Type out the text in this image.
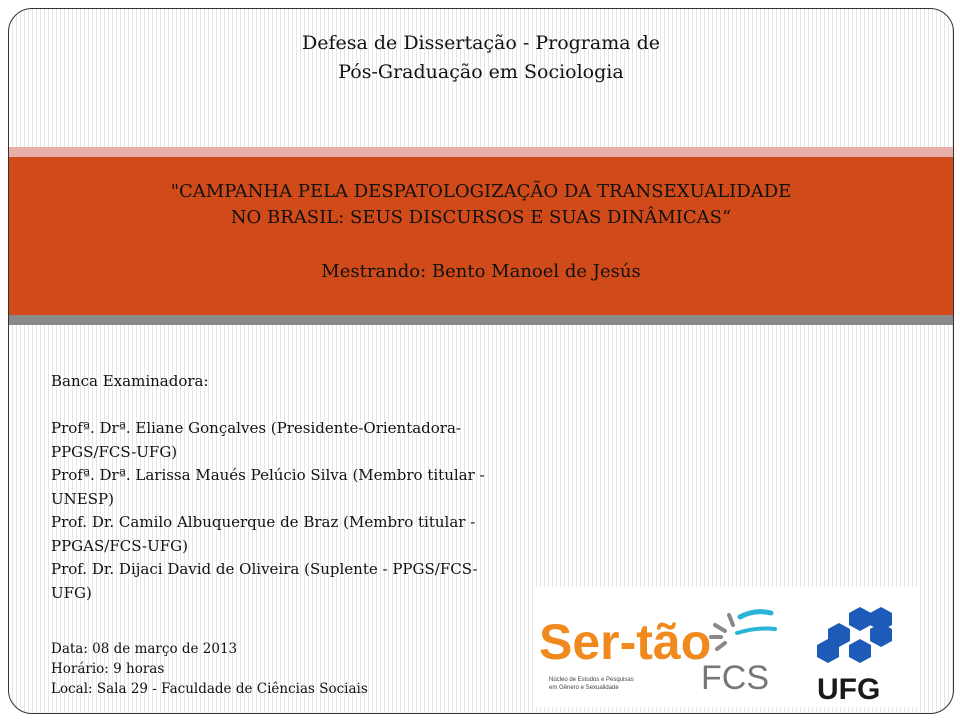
Defesa de Dissertação - Programa de
Pós-Graduação em Sociologia
"CAMPANHA PELA DESPATOLOGIZAÇÃO DA TRANSEXUALIDADE
NO BRASIL: SEUS DISCURSOS E SUAS DINÂMICAS“
Mestrando: Bento Manoel de Jesús
Banca Examinadora:
Profª. Drª. Eliane Gonçalves (Presidente-Orientadora-
PPGS/FCS-UFG)
Profª. Drª. Larissa Maués Pelúcio Silva (Membro titular -
UNESP)
Prof. Dr. Camilo Albuquerque de Braz (Membro titular -
PPGAS/FCS-UFG)
Prof. Dr. Dijaci David de Oliveira (Suplente - PPGS/FCS-
UFG)
Data: 08 de março de 2013
Horário: 9 horas
Local: Sala 29 - Faculdade de Ciências Sociais
Ser-tão
Núcleo de Estudos e Pesquisas
em Gênero e Sexualidade FCS UFG
